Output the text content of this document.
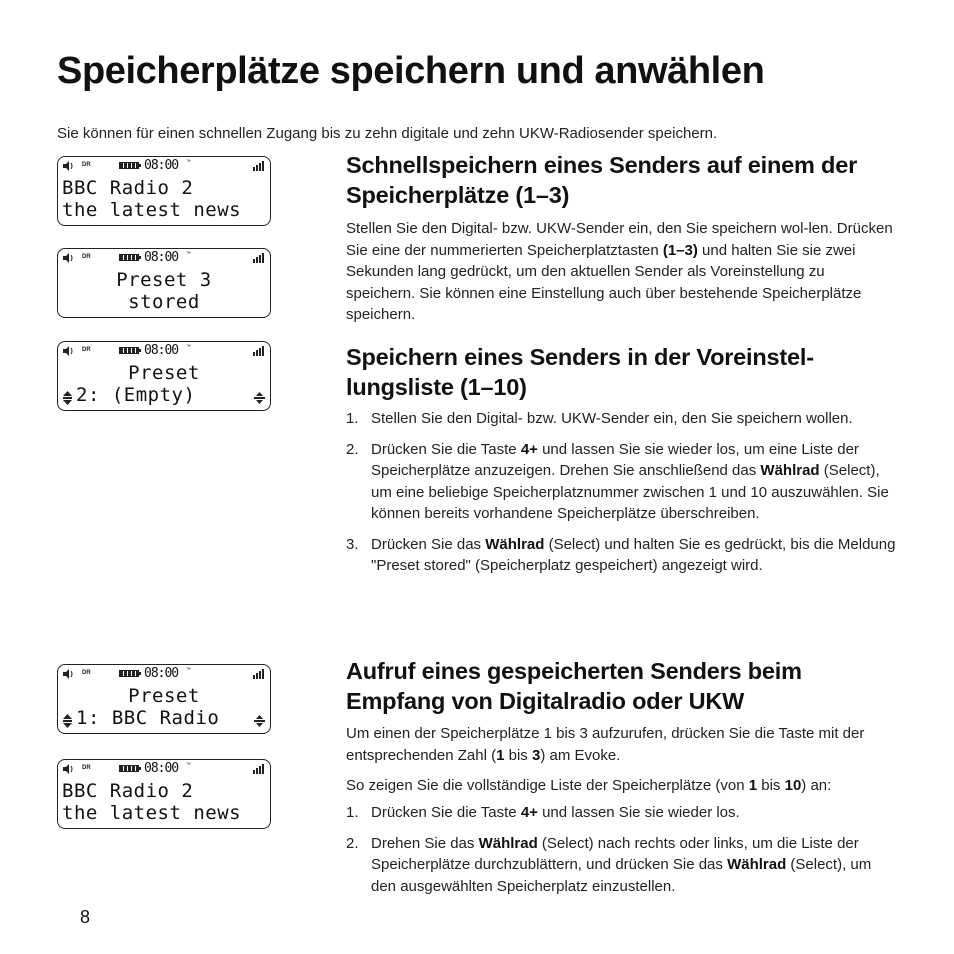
Speicherplätze speichern und anwählen
Sie können für einen schnellen Zugang bis zu zehn digitale und zehn UKW-Radiosender speichern.
DR	08:00 ™
BBC Radio 2
the latest news
DR	08:00 ™
Preset 3
stored
DR	08:00 ™
Preset
2: (Empty)
DR	08:00 ™
Preset
1: BBC Radio
DR	08:00 ™
BBC Radio 2
the latest news
Schnellspeichern eines Senders auf einem der Speicherplätze (1–3)

Stellen Sie den Digital- bzw. UKW-Sender ein, den Sie speichern wol-len. Drücken Sie eine der nummerierten Speicherplatztasten (1–3) und halten Sie sie zwei Sekunden lang gedrückt, um den aktuellen Sender als Voreinstellung zu speichern. Sie können eine Einstellung auch über bestehende Speicherplätze speichern.

Speichern eines Senders in der Voreinstel-lungsliste (1–10)
1. Stellen Sie den Digital- bzw. UKW-Sender ein, den Sie speichern wollen.
2. Drücken Sie die Taste 4+ und lassen Sie sie wieder los, um eine Liste der Speicherplätze anzuzeigen. Drehen Sie anschließend das Wählrad (Select), um eine beliebige Speicherplatznummer zwischen 1 und 10 auszuwählen. Sie können bereits vorhandene Speicherplätze überschreiben.
3. Drücken Sie das Wählrad (Select) und halten Sie es gedrückt, bis die Meldung "Preset stored" (Speicherplatz gespeichert) angezeigt wird.
Aufruf eines gespeicherten Senders beim Empfang von Digitalradio oder UKW

Um einen der Speicherplätze 1 bis 3 aufzurufen, drücken Sie die Taste mit der entsprechenden Zahl (1 bis 3) am Evoke.

So zeigen Sie die vollständige Liste der Speicherplätze (von 1 bis 10) an:

1. Drücken Sie die Taste 4+ und lassen Sie sie wieder los.
2. Drehen Sie das Wählrad (Select) nach rechts oder links, um die Liste der Speicherplätze durchzublättern, und drücken Sie das Wählrad (Select), um den ausgewählten Speicherplatz einzustellen.
8
